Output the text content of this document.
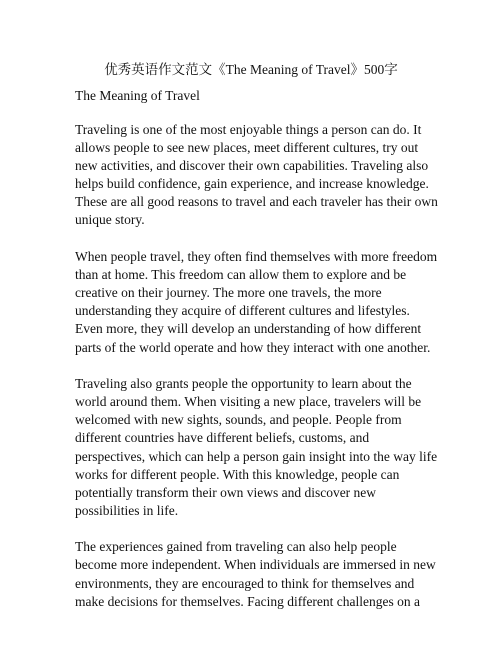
优秀英语作文范文《The Meaning of Travel》500字
The Meaning of Travel

Traveling is one of the most enjoyable things a person can do. It
allows people to see new places, meet different cultures, try out
new activities, and discover their own capabilities. Traveling also
helps build confidence, gain experience, and increase knowledge.
These are all good reasons to travel and each traveler has their own
unique story.

When people travel, they often find themselves with more freedom
than at home. This freedom can allow them to explore and be
creative on their journey. The more one travels, the more
understanding they acquire of different cultures and lifestyles.
Even more, they will develop an understanding of how different
parts of the world operate and how they interact with one another.

Traveling also grants people the opportunity to learn about the
world around them. When visiting a new place, travelers will be
welcomed with new sights, sounds, and people. People from
different countries have different beliefs, customs, and
perspectives, which can help a person gain insight into the way life
works for different people. With this knowledge, people can
potentially transform their own views and discover new
possibilities in life.

The experiences gained from traveling can also help people
become more independent. When individuals are immersed in new
environments, they are encouraged to think for themselves and
make decisions for themselves. Facing different challenges on a
